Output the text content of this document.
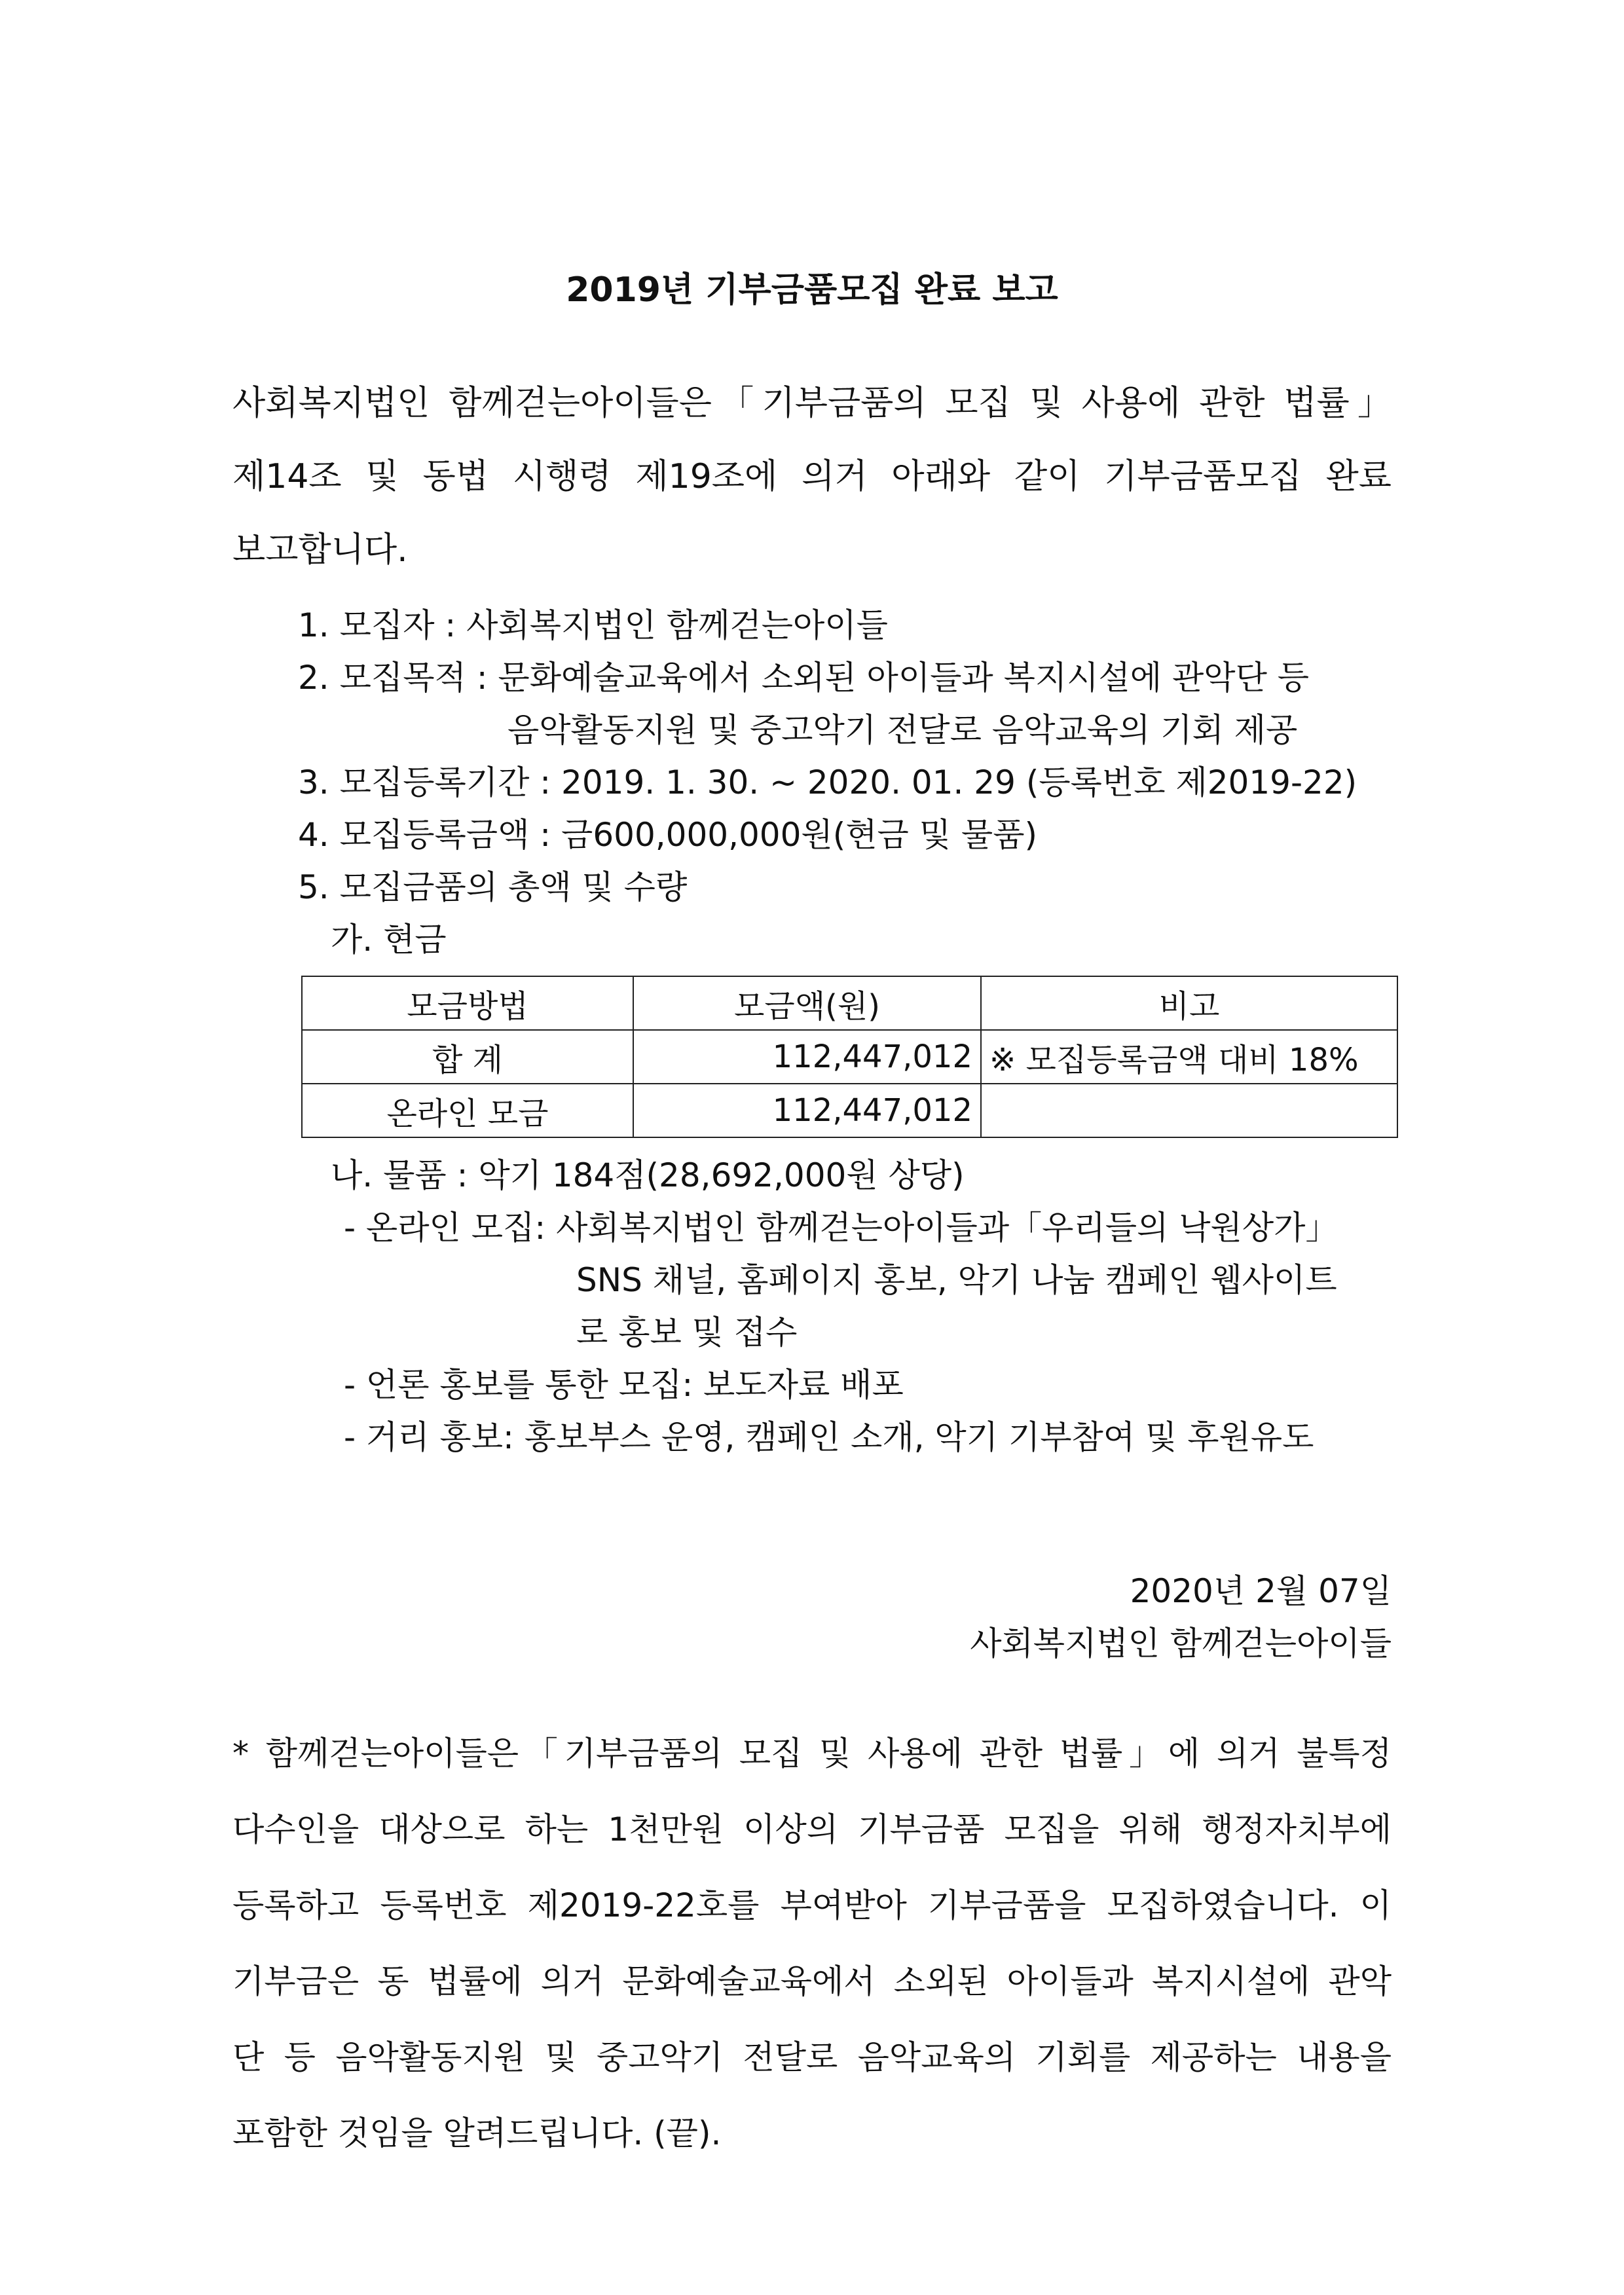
2019년 기부금품모집 완료 보고
사회복지법인 함께걷는아이들은「기부금품의 모집 및 사용에 관한 법률」
제14조 및 동법 시행령 제19조에 의거 아래와 같이 기부금품모집 완료
보고합니다.
1. 모집자 : 사회복지법인 함께걷는아이들
2. 모집목적 : 문화예술교육에서 소외된 아이들과 복지시설에 관악단 등
음악활동지원 및 중고악기 전달로 음악교육의 기회 제공
3. 모집등록기간 : 2019. 1. 30. ~ 2020. 01. 29 (등록번호 제2019-22)
4. 모집등록금액 : 금600,000,000원(현금 및 물품)
5. 모집금품의 총액 및 수량
가. 현금
모금방법	모금액(원)	비고
합 계	112,447,012	※ 모집등록금액 대비 18%
온라인 모금	112,447,012	
나. 물품 : 악기 184점(28,692,000원 상당)
- 온라인 모집: 사회복지법인 함께걷는아이들과「우리들의 낙원상가」
SNS 채널, 홈페이지 홍보, 악기 나눔 캠페인 웹사이트
로 홍보 및 접수
- 언론 홍보를 통한 모집: 보도자료 배포
- 거리 홍보: 홍보부스 운영, 캠페인 소개, 악기 기부참여 및 후원유도
2020년 2월 07일
사회복지법인 함께걷는아이들
* 함께걷는아이들은「기부금품의 모집 및 사용에 관한 법률」에 의거 불특정
다수인을 대상으로 하는 1천만원 이상의 기부금품 모집을 위해 행정자치부에
등록하고 등록번호 제2019-22호를 부여받아 기부금품을 모집하였습니다. 이
기부금은 동 법률에 의거 문화예술교육에서 소외된 아이들과 복지시설에 관악
단 등 음악활동지원 및 중고악기 전달로 음악교육의 기회를 제공하는 내용을
포함한 것임을 알려드립니다. (끝).
